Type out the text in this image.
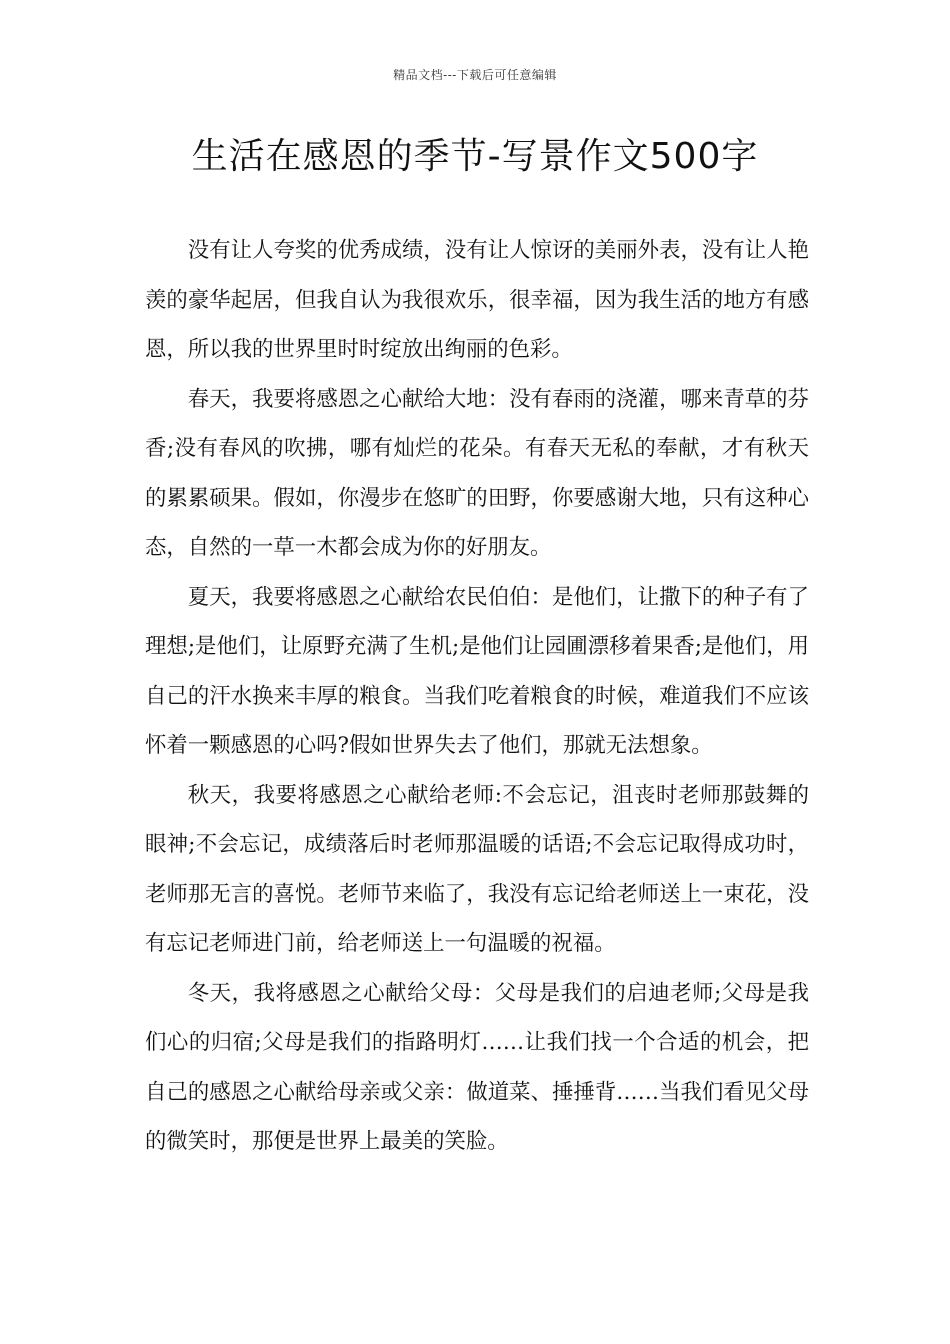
精品文档---下载后可任意编辑
生活在感恩的季节-写景作文500字

没有让人夸奖的优秀成绩，没有让人惊讶的美丽外表，没有让人艳羡的豪华起居，但我自认为我很欢乐，很幸福，因为我生活的地方有感恩，所以我的世界里时时绽放出绚丽的色彩。

春天，我要将感恩之心献给大地：没有春雨的浇灌，哪来青草的芬香;没有春风的吹拂，哪有灿烂的花朵。有春天无私的奉献，才有秋天的累累硕果。假如，你漫步在悠旷的田野，你要感谢大地，只有这种心态，自然的一草一木都会成为你的好朋友。

夏天，我要将感恩之心献给农民伯伯：是他们，让撒下的种子有了理想;是他们，让原野充满了生机;是他们让园圃漂移着果香;是他们，用自己的汗水换来丰厚的粮食。当我们吃着粮食的时候，难道我们不应该怀着一颗感恩的心吗?假如世界失去了他们，那就无法想象。

秋天，我要将感恩之心献给老师:不会忘记，沮丧时老师那鼓舞的眼神;不会忘记，成绩落后时老师那温暖的话语;不会忘记取得成功时，老师那无言的喜悦。老师节来临了，我没有忘记给老师送上一束花，没有忘记老师进门前，给老师送上一句温暖的祝福。

冬天，我将感恩之心献给父母：父母是我们的启迪老师;父母是我们心的归宿;父母是我们的指路明灯……让我们找一个合适的机会，把自己的感恩之心献给母亲或父亲：做道菜、捶捶背……当我们看见父母的微笑时，那便是世界上最美的笑脸。
